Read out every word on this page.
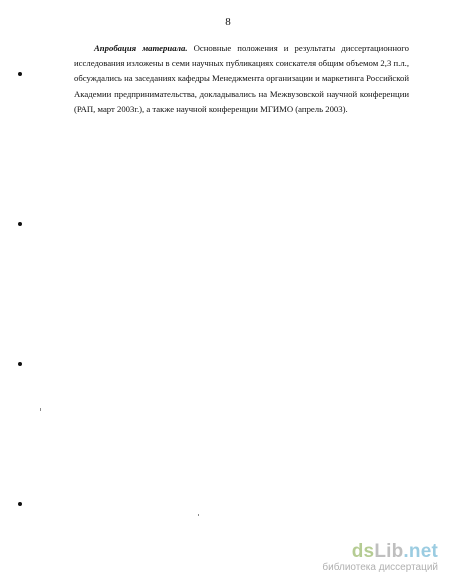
8

Апробация материала. Основные положения и результаты диссертационного исследования изложены в семи научных публикациях соискателя общим объемом 2,3 п.л., обсуждались на заседаниях кафедры Менеджмента организации и маркетинга Российской Академии предпринимательства, докладывались на Межвузовской научной конференции (РАП, март 2003г.), а также научной конференции МГИМО (апрель 2003).

dsLib.net
библиотека диссертаций
